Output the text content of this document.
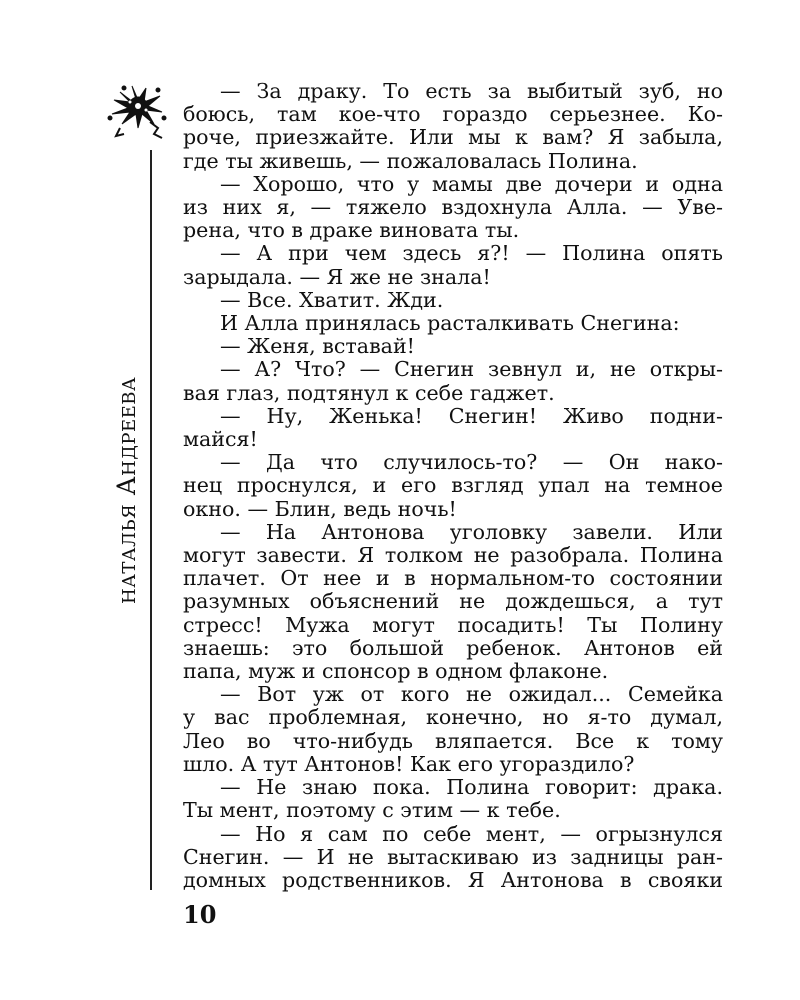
наталья Андреева
— За драку. То есть за выбитый зуб, но
боюсь, там кое-что гораздо серьезнее. Ко-
роче, приезжайте. Или мы к вам? Я забыла,
где ты живешь, — пожаловалась Полина.
— Хорошо, что у мамы две дочери и одна
из них я, — тяжело вздохнула Алла. — Уве-
рена, что в драке виновата ты.
— А при чем здесь я?! — Полина опять
зарыдала. — Я же не знала!
— Все. Хватит. Жди.
И Алла принялась расталкивать Снегина:
— Женя, вставай!
— А? Что? — Снегин зевнул и, не откры-
вая глаз, подтянул к себе гаджет.
— Ну, Женька! Снегин! Живо подни-
майся!
— Да что случилось-то? — Он нако-
нец проснулся, и его взгляд упал на темное
окно. — Блин, ведь ночь!
— На Антонова уголовку завели. Или
могут завести. Я толком не разобрала. Полина
плачет. От нее и в нормальном-то состоянии
разумных объяснений не дождешься, а тут
стресс! Мужа могут посадить! Ты Полину
знаешь: это большой ребенок. Антонов ей
папа, муж и спонсор в одном флаконе.
— Вот уж от кого не ожидал... Семейка
у вас проблемная, конечно, но я-то думал,
Лео во что-нибудь вляпается. Все к тому
шло. А тут Антонов! Как его угораздило?
— Не знаю пока. Полина говорит: драка.
Ты мент, поэтому с этим — к тебе.
— Но я сам по себе мент, — огрызнулся
Снегин. — И не вытаскиваю из задницы ран-
домных родственников. Я Антонова в свояки
10
